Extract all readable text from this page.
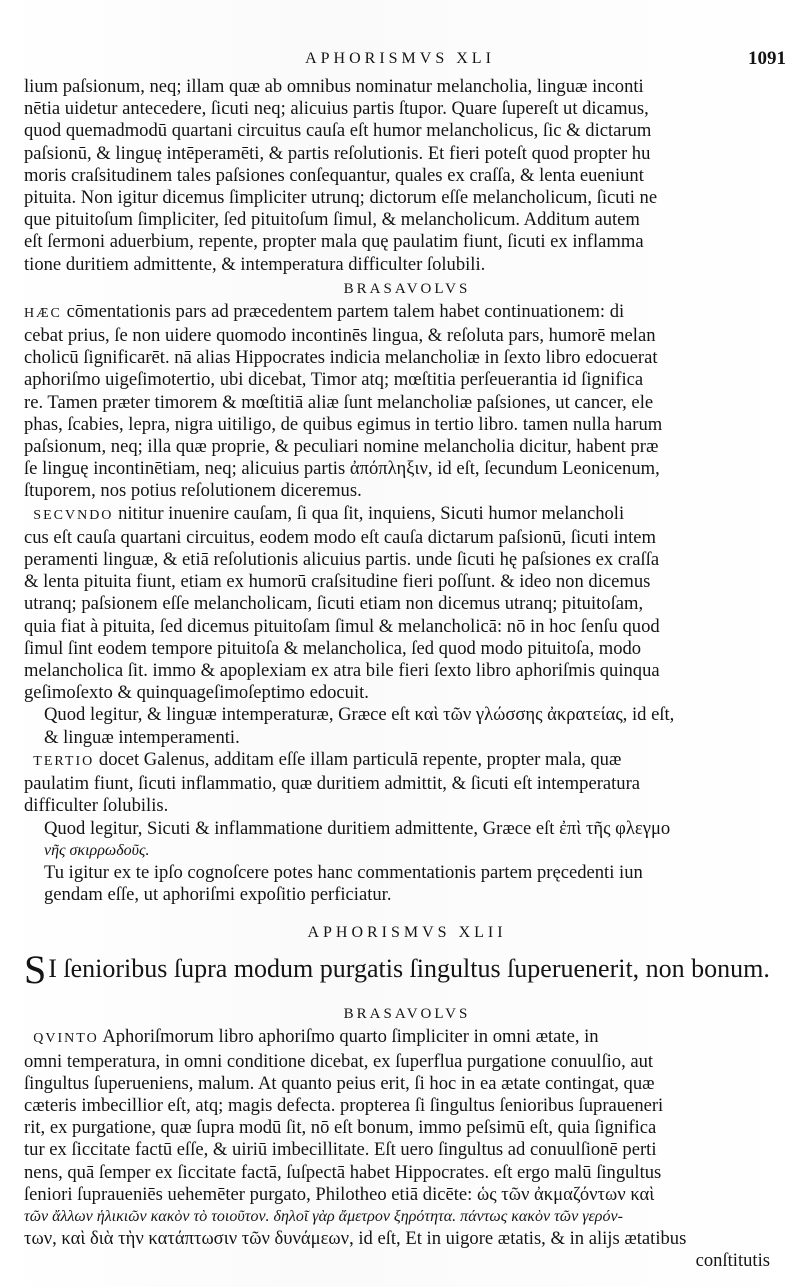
APHORISMVS XLI	1091

lium paſsionum, neq; illam quæ ab omnibus nominatur melancholia, linguæ inconti
nētia uidetur antecedere, ſicuti neq; alicuius partis ſtupor. Quare ſupereſt ut dicamus,
quod quemadmodū quartani circuitus cauſa eſt humor melancholicus, ſic & dictarum
paſsionū, & linguę intēperamēti, & partis reſolutionis. Et fieri poteſt quod propter hu
moris craſsitudinem tales paſsiones conſequantur, quales ex craſſa, & lenta eueniunt
pituita. Non igitur dicemus ſimpliciter utrunq; dictorum eſſe melancholicum, ſicuti ne
que pituitoſum ſimpliciter, ſed pituitoſum ſimul, & melancholicum. Additum autem
eſt ſermoni aduerbium, repente, propter mala quę paulatim fiunt, ſicuti ex inflamma
tione duritiem admittente, & intemperatura difficulter ſolubili.

BRASAVOLVS

HÆC cōmentationis pars ad præcedentem partem talem habet continuationem: di
cebat prius, ſe non uidere quomodo incontinēs lingua, & reſoluta pars, humorē melan
cholicū ſignificarēt. nā alias Hippocrates indicia melancholiæ in ſexto libro edocuerat
aphoriſmo uigeſimotertio, ubi dicebat, Timor atq; mœſtitia perſeuerantia id ſignifica
re. Tamen præter timorem & mœſtitiā aliæ ſunt melancholiæ paſsiones, ut cancer, ele
phas, ſcabies, lepra, nigra uitiligo, de quibus egimus in tertio libro. tamen nulla harum
paſsionum, neq; illa quæ proprie, & peculiari nomine melancholia dicitur, habent præ
ſe linguę incontinētiam, neq; alicuius partis ἀπόπληξιν, id eſt, ſecundum Leonicenum,
ſtuporem, nos potius reſolutionem diceremus.

 SECVNDO nititur inuenire cauſam, ſi qua ſit, inquiens, Sicuti humor melancholi
cus eſt cauſa quartani circuitus, eodem modo eſt cauſa dictarum paſsionū, ſicuti intem
peramenti linguæ, & etiā reſolutionis alicuius partis. unde ſicuti hę paſsiones ex craſſa
& lenta pituita fiunt, etiam ex humorū craſsitudine fieri poſſunt. & ideo non dicemus
utranq; paſsionem eſſe melancholicam, ſicuti etiam non dicemus utranq; pituitoſam,
quia fiat à pituita, ſed dicemus pituitoſam ſimul & melancholicā: nō in hoc ſenſu quod
ſimul ſint eodem tempore pituitoſa & melancholica, ſed quod modo pituitoſa, modo
melancholica ſit. immo & apoplexiam ex atra bile fieri ſexto libro aphoriſmis quinqua
geſimoſexto & quinquageſimoſeptimo edocuit.

Quod legitur, & linguæ intemperaturæ, Græce eſt καὶ τῶν γλώσσης ἀκρατείας, id eſt,
& linguæ intemperamenti.

 TERTIO docet Galenus, additam eſſe illam particulā repente, propter mala, quæ
paulatim fiunt, ſicuti inflammatio, quæ duritiem admittit, & ſicuti eſt intemperatura
difficulter ſolubilis.

Quod legitur, Sicuti & inflammatione duritiem admittente, Græce eſt ἐπὶ τῆς φλεγμο
νῆς σκιρρωδοῦς.

Tu igitur ex te ipſo cognoſcere potes hanc commentationis partem pręcedenti iun
gendam eſſe, ut aphoriſmi expoſitio perficiatur.

APHORISMVS XLII
SI ſenioribus ſupra modum purgatis ſingultus ſuperuenerit, non bonum.
BRASAVOLVS

 QVINTO Aphoriſmorum libro aphoriſmo quarto ſimpliciter in omni ætate, in
omni temperatura, in omni conditione dicebat, ex ſuperflua purgatione conuulſio, aut
ſingultus ſuperueniens, malum. At quanto peius erit, ſi hoc in ea ætate contingat, quæ
cæteris imbecillior eſt, atq; magis defecta. propterea ſi ſingultus ſenioribus ſupraueneri
rit, ex purgatione, quæ ſupra modū ſit, nō eſt bonum, immo peſsimū eſt, quia ſignifica
tur ex ſiccitate factū eſſe, & uiriū imbecillitate. Eſt uero ſingultus ad conuulſionē perti
nens, quā ſemper ex ſiccitate factā, ſuſpectā habet Hippocrates. eſt ergo malū ſingultus
ſeniori ſupraueniēs uehemēter purgato, Philotheo etiā dicēte: ὡς τῶν ἀκμαζόντων καὶ
τῶν ἄλλων ἡλικιῶν κακὸν τὸ τοιοῦτον. δηλοῖ γὰρ ἄμετρον ξηρότητα. πάντως κακὸν τῶν γερόν-
των, καὶ διὰ τὴν κατάπτωσιν τῶν δυνάμεων, id eſt, Et in uigore ætatis, & in alijs ætatibus
conſtitutis
